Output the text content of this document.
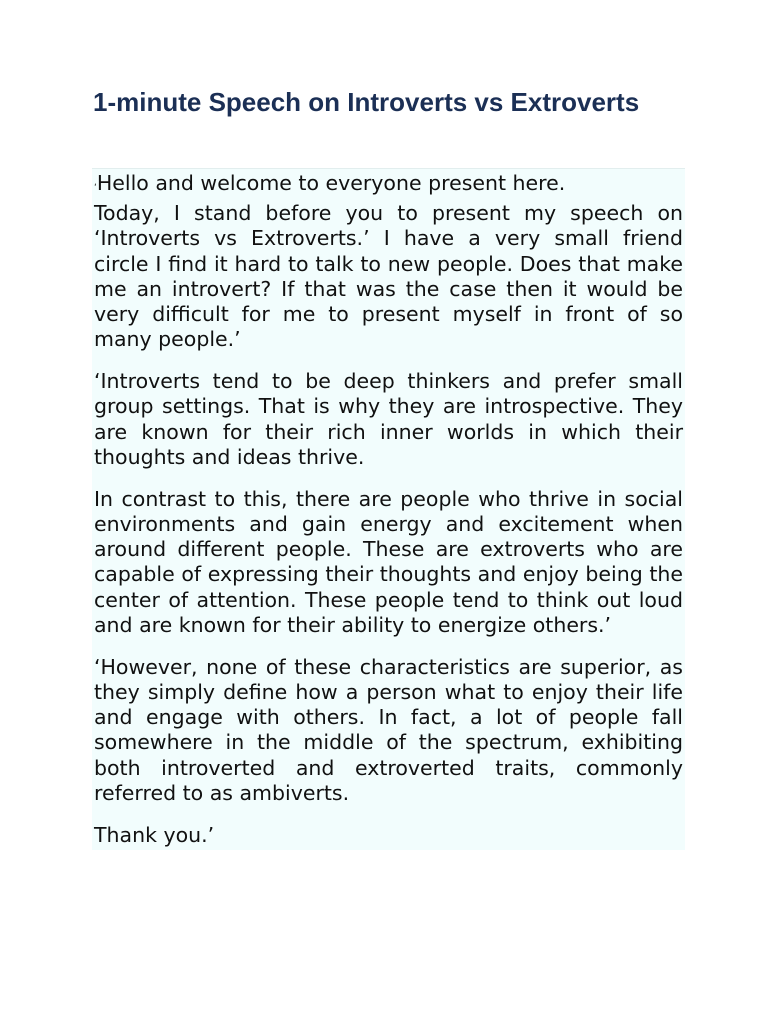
1-minute Speech on Introverts vs Extroverts

‘Hello and welcome to everyone present here.

Today, I stand before you to present my speech on ‘Introverts vs Extroverts.’ I have a very small friend circle I find it hard to talk to new people. Does that make me an introvert? If that was the case then it would be very difficult for me to present myself in front of so many people.’

‘Introverts tend to be deep thinkers and prefer small group settings. That is why they are introspective. They are known for their rich inner worlds in which their thoughts and ideas thrive.

In contrast to this, there are people who thrive in social environments and gain energy and excitement when around different people. These are extroverts who are capable of expressing their thoughts and enjoy being the center of attention. These people tend to think out loud and are known for their ability to energize others.’

‘However, none of these characteristics are superior, as they simply define how a person what to enjoy their life and engage with others. In fact, a lot of people fall somewhere in the middle of the spectrum, exhibiting both introverted and extroverted traits, commonly referred to as ambiverts.

Thank you.’
